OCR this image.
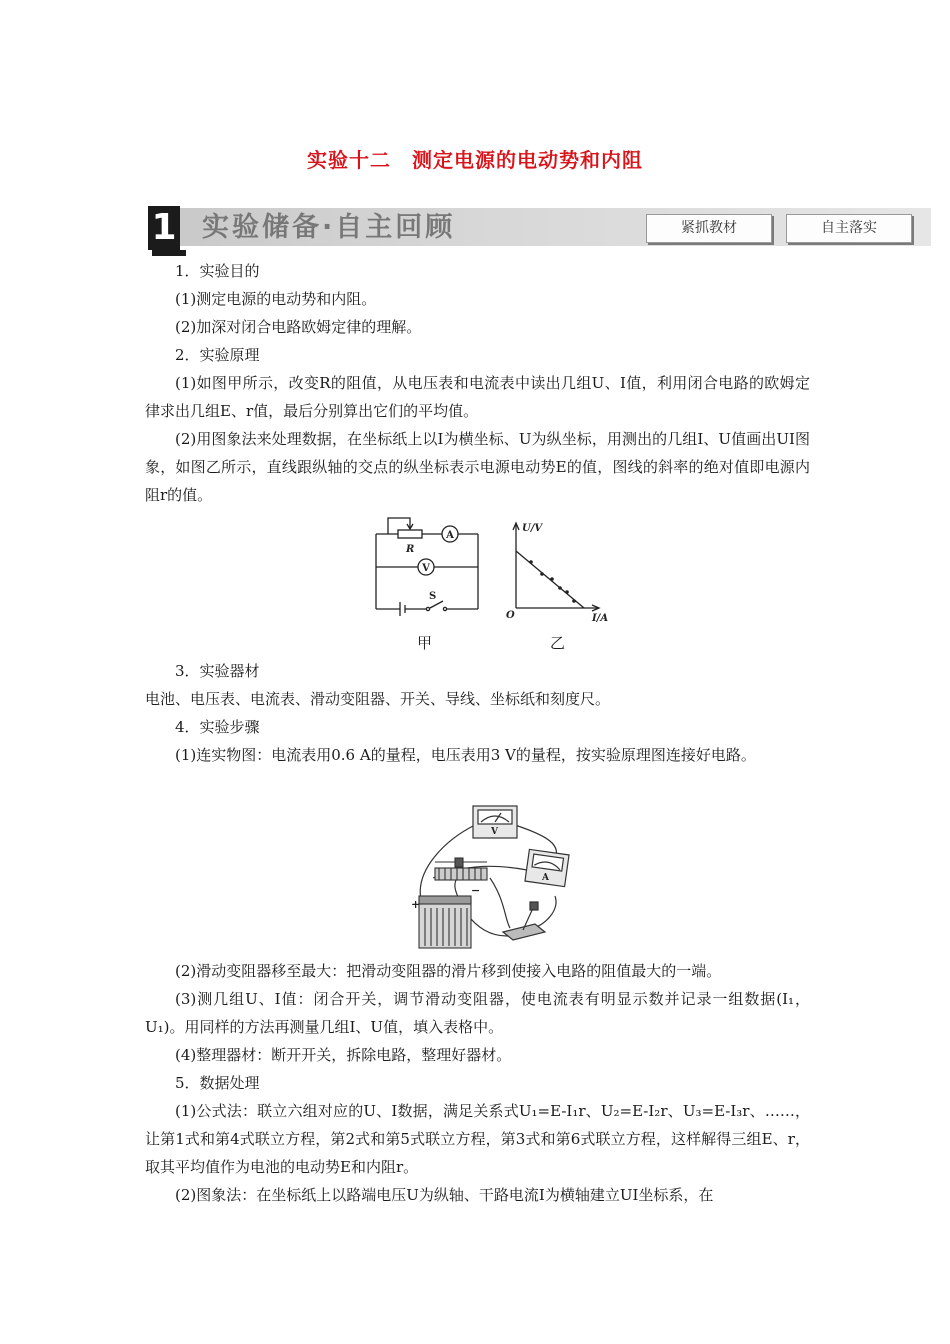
实验十二　测定电源的电动势和内阻
1 实验储备·自主回顾	紧抓教材	自主落实

1．实验目的

(1)测定电源的电动势和内阻。

(2)加深对闭合电路欧姆定律的理解。

2．实验原理

(1)如图甲所示，改变R的阻值，从电压表和电流表中读出几组U、I值，利用闭合电路的欧姆定律求出几组E、r值，最后分别算出它们的平均值。

(2)用图象法来处理数据，在坐标纸上以I为横坐标、U为纵坐标，用测出的几组I、U值画出UI图象，如图乙所示，直线跟纵轴的交点的纵坐标表示电源电动势E的值，图线的斜率的绝对值即电源内阻r的值。

R
A
V
S
甲
U/V
I/A
O
乙

3．实验器材

电池、电压表、电流表、滑动变阻器、开关、导线、坐标纸和刻度尺。

4．实验步骤

(1)连实物图：电流表用0.6 A的量程，电压表用3 V的量程，按实验原理图连接好电路。

V
A
+
−

(2)滑动变阻器移至最大：把滑动变阻器的滑片移到使接入电路的阻值最大的一端。

(3)测几组U、I值：闭合开关，调节滑动变阻器，使电流表有明显示数并记录一组数据(I₁，U₁)。用同样的方法再测量几组I、U值，填入表格中。

(4)整理器材：断开开关，拆除电路，整理好器材。

5．数据处理

(1)公式法：联立六组对应的U、I数据，满足关系式U₁=E-I₁r、U₂=E-I₂r、U₃=E-I₃r、……，让第1式和第4式联立方程，第2式和第5式联立方程，第3式和第6式联立方程，这样解得三组E、r，取其平均值作为电池的电动势E和内阻r。

(2)图象法：在坐标纸上以路端电压U为纵轴、干路电流I为横轴建立UI坐标系，在
